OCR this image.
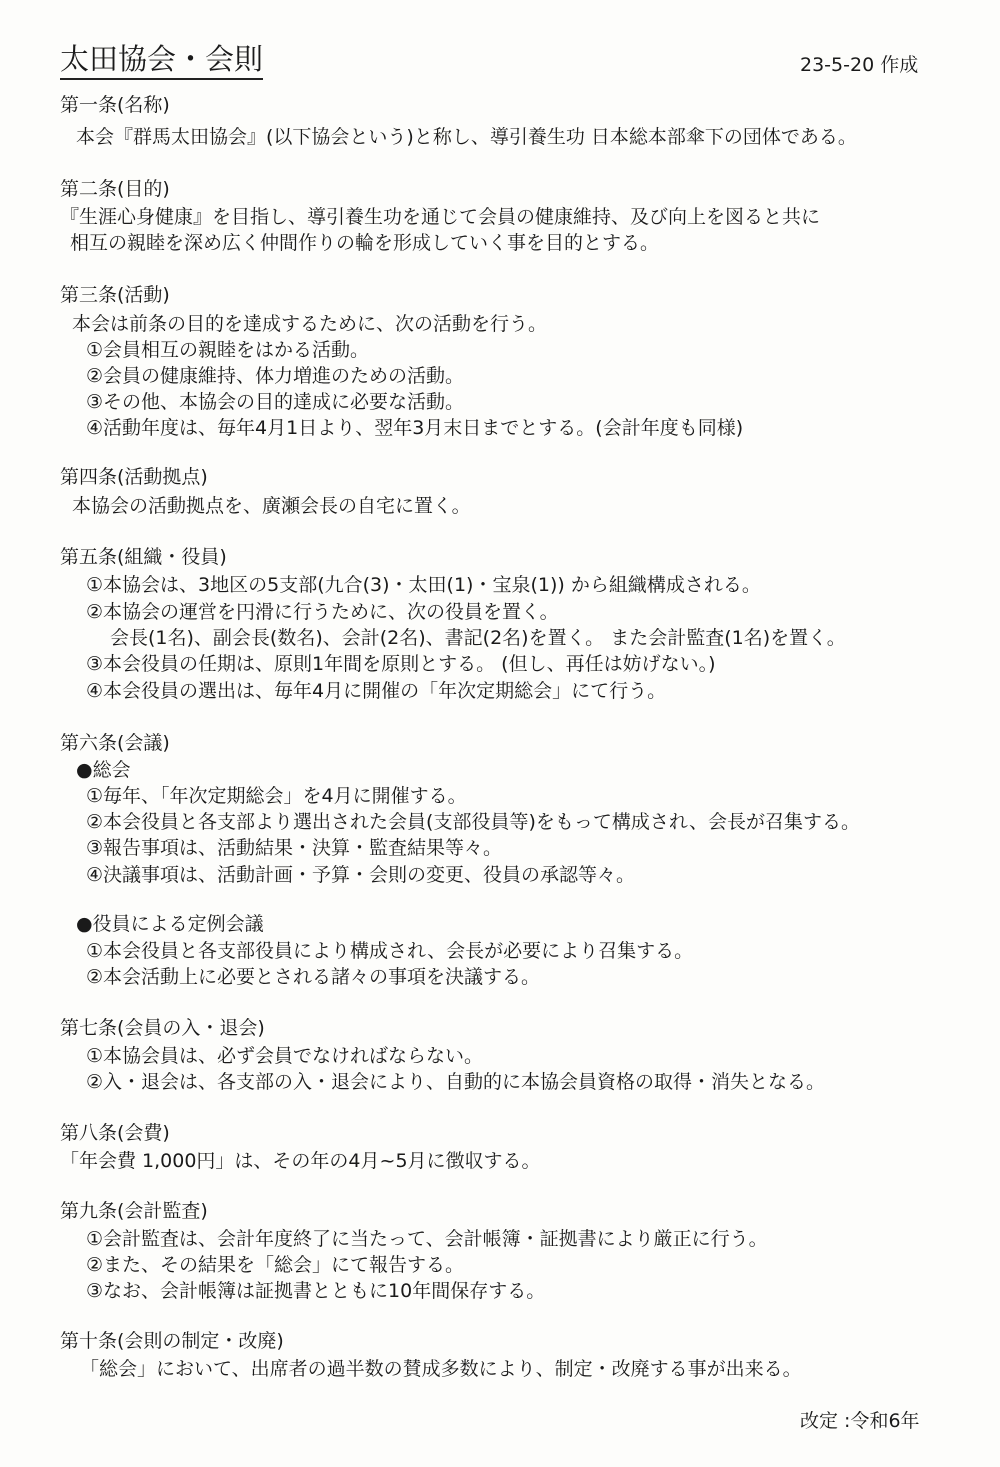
太田協会・会則	23-5-20 作成
第一条(名称)
本会『群馬太田協会』(以下協会という)と称し、導引養生功 日本総本部傘下の団体である。
第二条(目的)
『生涯心身健康』を目指し、導引養生功を通じて会員の健康維持、及び向上を図ると共に
相互の親睦を深め広く仲間作りの輪を形成していく事を目的とする。
第三条(活動)
本会は前条の目的を達成するために、次の活動を行う。
①会員相互の親睦をはかる活動。
②会員の健康維持、体力増進のための活動。
③その他、本協会の目的達成に必要な活動。
④活動年度は、毎年4月1日より、翌年3月末日までとする。(会計年度も同様)
第四条(活動拠点)
本協会の活動拠点を、廣瀬会長の自宅に置く。
第五条(組織・役員)
①本協会は、3地区の5支部(九合(3)・太田(1)・宝泉(1)) から組織構成される。
②本協会の運営を円滑に行うために、次の役員を置く。
会長(1名)、副会長(数名)、会計(2名)、書記(2名)を置く。 また会計監査(1名)を置く。
③本会役員の任期は、原則1年間を原則とする。 (但し、再任は妨げない。)
④本会役員の選出は、毎年4月に開催の「年次定期総会」にて行う。
第六条(会議)
●総会
①毎年、「年次定期総会」を4月に開催する。
②本会役員と各支部より選出された会員(支部役員等)をもって構成され、会長が召集する。
③報告事項は、活動結果・決算・監査結果等々。
④決議事項は、活動計画・予算・会則の変更、役員の承認等々。
●役員による定例会議
①本会役員と各支部役員により構成され、会長が必要により召集する。
②本会活動上に必要とされる諸々の事項を決議する。
第七条(会員の入・退会)
①本協会員は、必ず会員でなければならない。
②入・退会は、各支部の入・退会により、自動的に本協会員資格の取得・消失となる。
第八条(会費)
「年会費 1,000円」は、その年の4月~5月に徴収する。
第九条(会計監査)
①会計監査は、会計年度終了に当たって、会計帳簿・証拠書により厳正に行う。
②また、その結果を「総会」にて報告する。
③なお、会計帳簿は証拠書とともに10年間保存する。
第十条(会則の制定・改廃)
「総会」において、出席者の過半数の賛成多数により、制定・改廃する事が出来る。
改定 :令和6年
